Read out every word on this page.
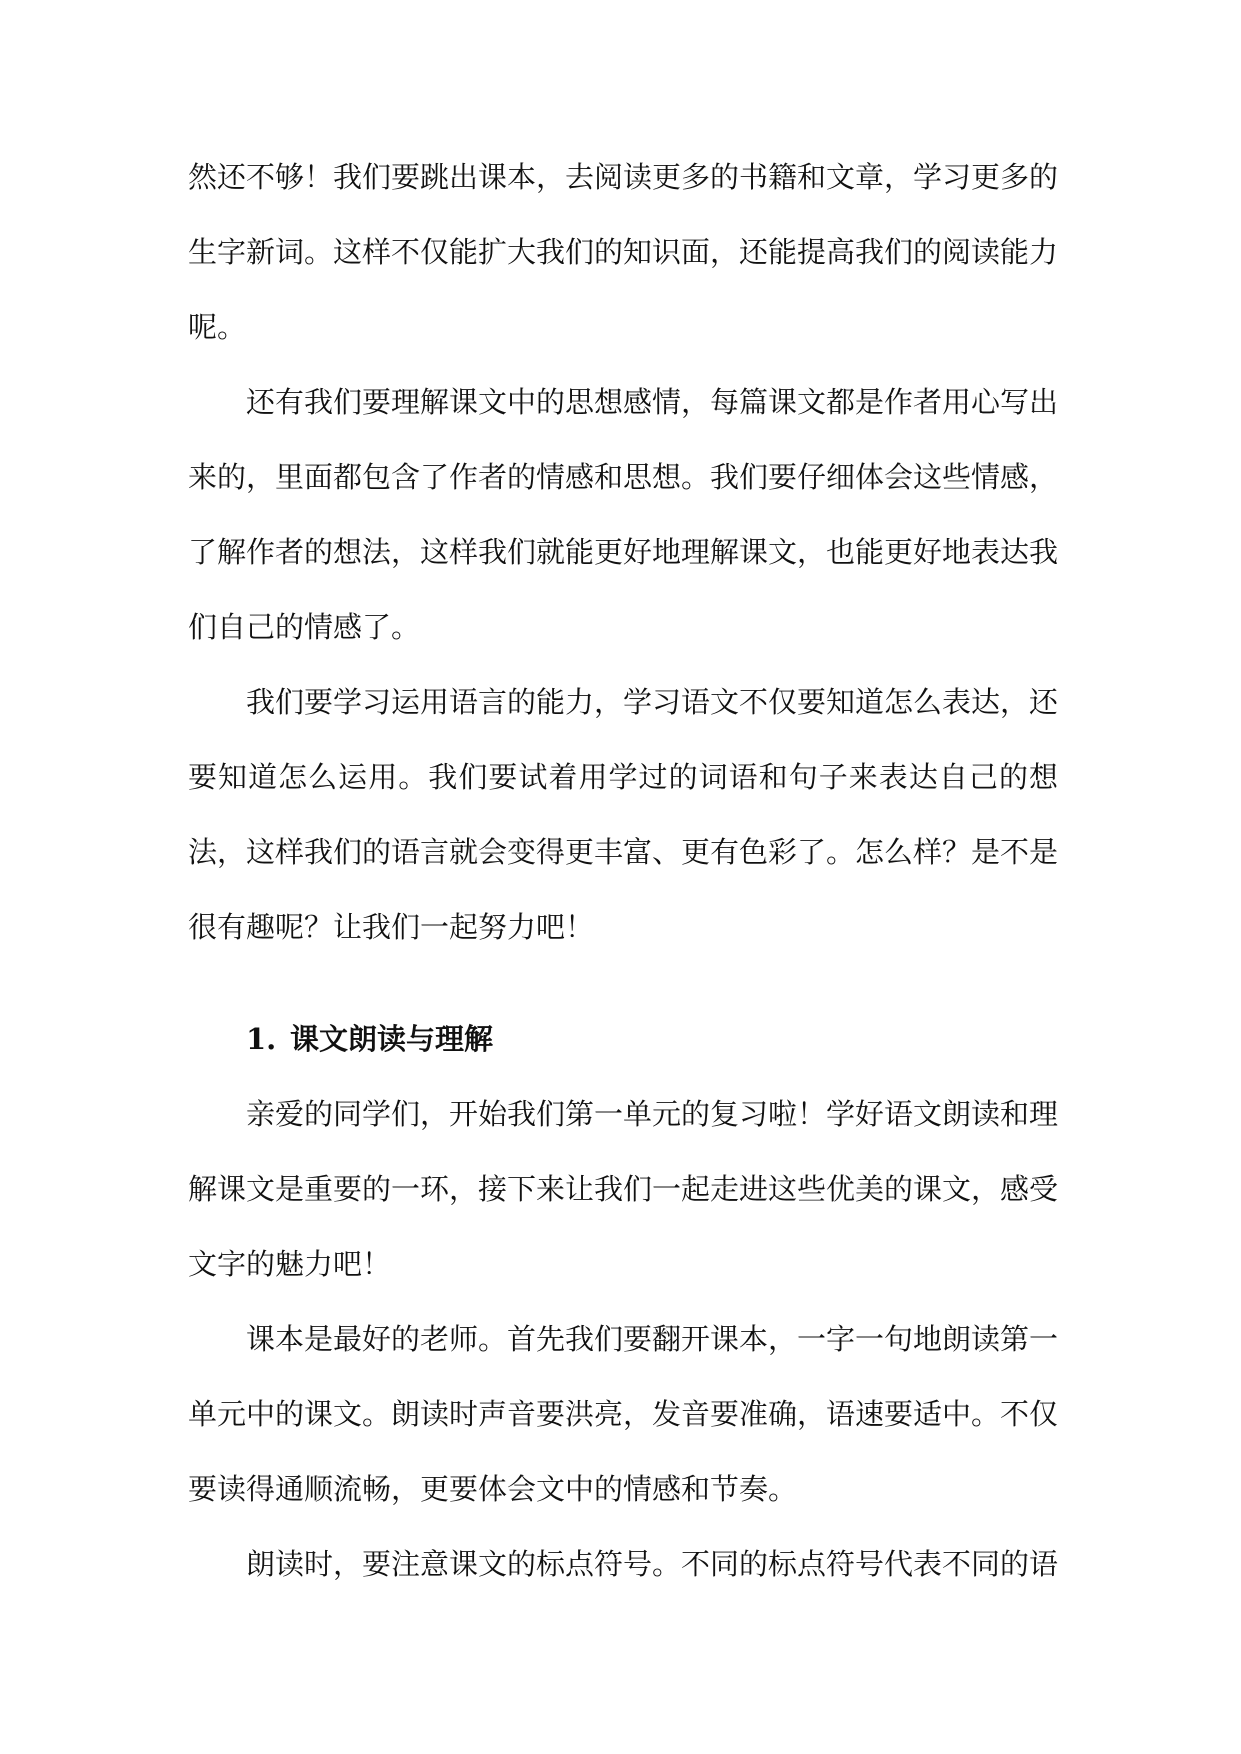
然还不够！我们要跳出课本，去阅读更多的书籍和文章，学习更多的生字新词。这样不仅能扩大我们的知识面，还能提高我们的阅读能力呢。

还有我们要理解课文中的思想感情，每篇课文都是作者用心写出来的，里面都包含了作者的情感和思想。我们要仔细体会这些情感，了解作者的想法，这样我们就能更好地理解课文，也能更好地表达我们自己的情感了。

我们要学习运用语言的能力，学习语文不仅要知道怎么表达，还要知道怎么运用。我们要试着用学过的词语和句子来表达自己的想法，这样我们的语言就会变得更丰富、更有色彩了。怎么样？是不是很有趣呢？让我们一起努力吧！

1. 课文朗读与理解

亲爱的同学们，开始我们第一单元的复习啦！学好语文朗读和理解课文是重要的一环，接下来让我们一起走进这些优美的课文，感受文字的魅力吧！

课本是最好的老师。首先我们要翻开课本，一字一句地朗读第一单元中的课文。朗读时声音要洪亮，发音要准确，语速要适中。不仅要读得通顺流畅，更要体会文中的情感和节奏。

朗读时，要注意课文的标点符号。不同的标点符号代表不同的语
